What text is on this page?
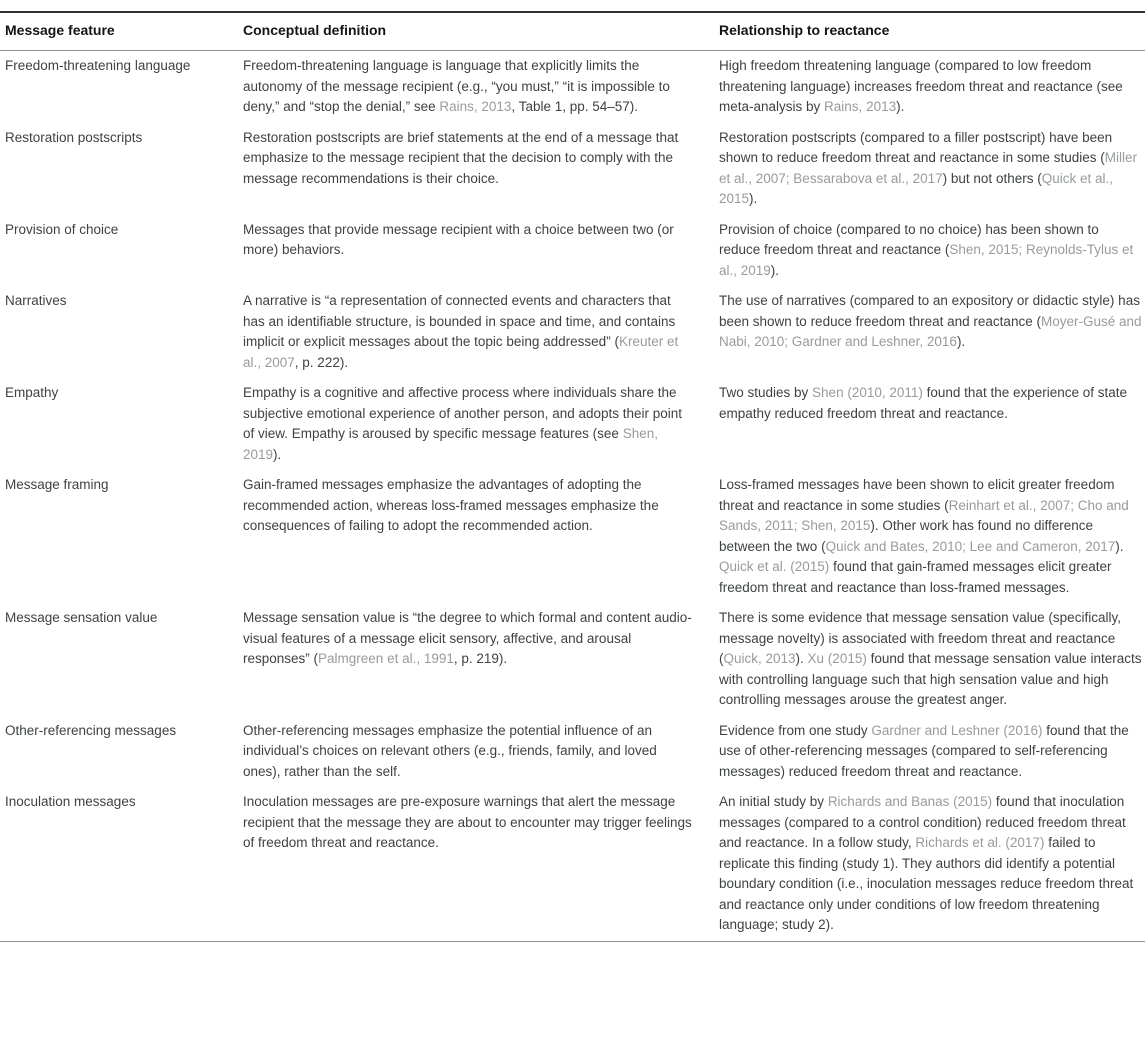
Message feature	Conceptual definition	Relationship to reactance
Freedom-threatening language	Freedom-threatening language is language that explicitly limits the autonomy of the message recipient (e.g., “you must,” “it is impossible to deny,” and “stop the denial,” see Rains, 2013, Table 1, pp. 54–57).	High freedom threatening language (compared to low freedom threatening language) increases freedom threat and reactance (see meta-analysis by Rains, 2013).
Restoration postscripts	Restoration postscripts are brief statements at the end of a message that emphasize to the message recipient that the decision to comply with the message recommendations is their choice.	Restoration postscripts (compared to a filler postscript) have been shown to reduce freedom threat and reactance in some studies (Miller et al., 2007; Bessarabova et al., 2017) but not others (Quick et al., 2015).
Provision of choice	Messages that provide message recipient with a choice between two (or more) behaviors.	Provision of choice (compared to no choice) has been shown to reduce freedom threat and reactance (Shen, 2015; Reynolds-Tylus et al., 2019).
Narratives	A narrative is “a representation of connected events and characters that has an identifiable structure, is bounded in space and time, and contains implicit or explicit messages about the topic being addressed” (Kreuter et al., 2007, p. 222).	The use of narratives (compared to an expository or didactic style) has been shown to reduce freedom threat and reactance (Moyer-Gusé and Nabi, 2010; Gardner and Leshner, 2016).
Empathy	Empathy is a cognitive and affective process where individuals share the subjective emotional experience of another person, and adopts their point of view. Empathy is aroused by specific message features (see Shen, 2019).	Two studies by Shen (2010, 2011) found that the experience of state empathy reduced freedom threat and reactance.
Message framing	Gain-framed messages emphasize the advantages of adopting the recommended action, whereas loss-framed messages emphasize the consequences of failing to adopt the recommended action.	Loss-framed messages have been shown to elicit greater freedom threat and reactance in some studies (Reinhart et al., 2007; Cho and Sands, 2011; Shen, 2015). Other work has found no difference between the two (Quick and Bates, 2010; Lee and Cameron, 2017). Quick et al. (2015) found that gain-framed messages elicit greater freedom threat and reactance than loss-framed messages.
Message sensation value	Message sensation value is “the degree to which formal and content audio-visual features of a message elicit sensory, affective, and arousal responses” (Palmgreen et al., 1991, p. 219).	There is some evidence that message sensation value (specifically, message novelty) is associated with freedom threat and reactance (Quick, 2013). Xu (2015) found that message sensation value interacts with controlling language such that high sensation value and high controlling messages arouse the greatest anger.
Other-referencing messages	Other-referencing messages emphasize the potential influence of an individual’s choices on relevant others (e.g., friends, family, and loved ones), rather than the self.	Evidence from one study Gardner and Leshner (2016) found that the use of other-referencing messages (compared to self-referencing messages) reduced freedom threat and reactance.
Inoculation messages	Inoculation messages are pre-exposure warnings that alert the message recipient that the message they are about to encounter may trigger feelings of freedom threat and reactance.	An initial study by Richards and Banas (2015) found that inoculation messages (compared to a control condition) reduced freedom threat and reactance. In a follow study, Richards et al. (2017) failed to replicate this finding (study 1). They authors did identify a potential boundary condition (i.e., inoculation messages reduce freedom threat and reactance only under conditions of low freedom threatening language; study 2).
